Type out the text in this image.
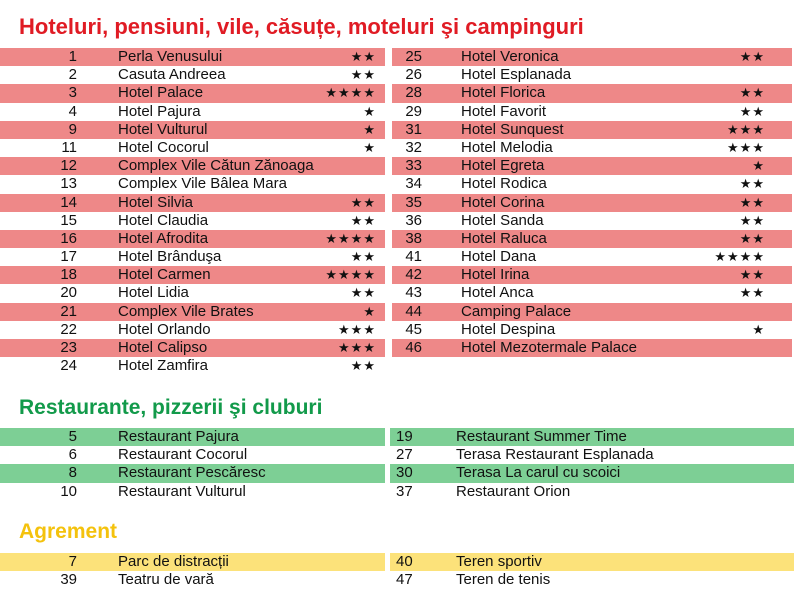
Hoteluri, pensiuni, vile, căsuțe, moteluri şi campinguri
1	Perla Venusului	★★
2	Casuta Andreea	★★
3	Hotel Palace	★★★★
4	Hotel Pajura	★
9	Hotel Vulturul	★
11	Hotel Cocorul	★
12	Complex Vile Cătun Zănoaga
13	Complex Vile Bâlea Mara
14	Hotel Silvia	★★
15	Hotel Claudia	★★
16	Hotel Afrodita	★★★★
17	Hotel Brânduşa	★★
18	Hotel Carmen	★★★★
20	Hotel Lidia	★★
21	Complex Vile Brates	★
22	Hotel Orlando	★★★
23	Hotel Calipso	★★★
24	Hotel Zamfira	★★
25	Hotel Veronica	★★
26	Hotel Esplanada
28	Hotel Florica	★★
29	Hotel Favorit	★★
31	Hotel Sunquest	★★★
32	Hotel Melodia	★★★
33	Hotel Egreta	★
34	Hotel Rodica	★★
35	Hotel Corina	★★
36	Hotel Sanda	★★
38	Hotel Raluca	★★
41	Hotel Dana	★★★★
42	Hotel Irina	★★
43	Hotel Anca	★★
44	Camping Palace
45	Hotel Despina	★
46	Hotel Mezotermale Palace
Restaurante, pizzerii şi cluburi
5	Restaurant Pajura
6	Restaurant Cocorul
8	Restaurant Pescăresc
10	Restaurant Vulturul
19	Restaurant Summer Time
27	Terasa Restaurant Esplanada
30	Terasa La carul cu scoici
37	Restaurant Orion
Agrement
7	Parc de distracții
39	Teatru de vară
40	Teren sportiv
47	Teren de tenis
